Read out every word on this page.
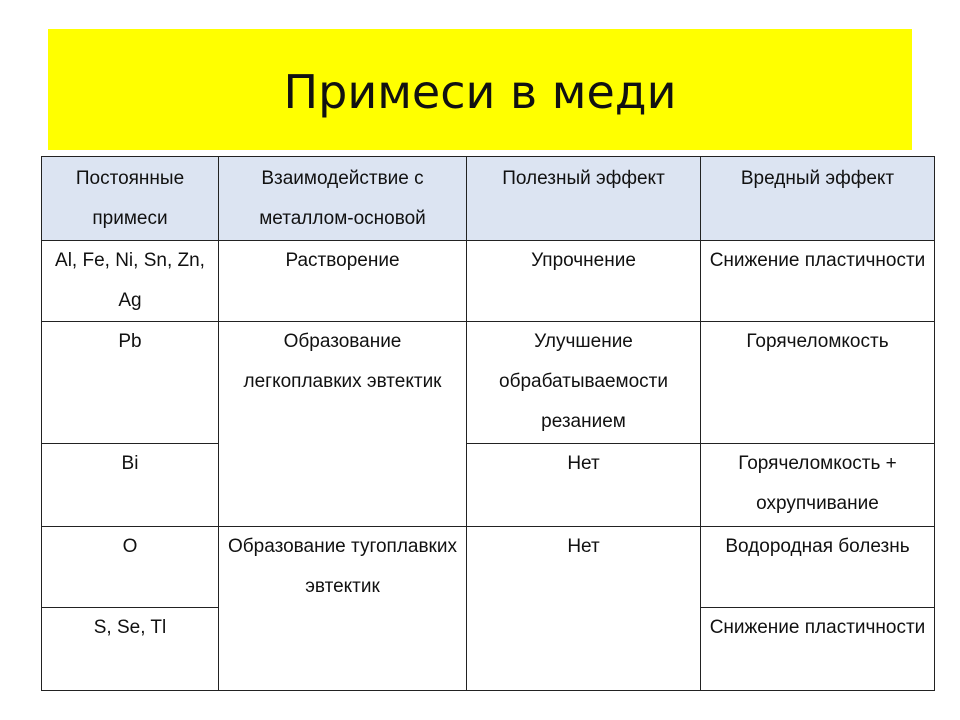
Примеси в меди
Постоянные примеси	Взаимодействие с металлом-основой	Полезный эффект	Вредный эффект
Al, Fe, Ni, Sn, Zn, Ag	Растворение	Упрочнение	Снижение пластичности
Pb	Образование легкоплавких эвтектик	Улучшение обрабатываемости резанием	Горячеломкость
Bi		Нет	Горячеломкость + охрупчивание
O	Образование тугоплавких эвтектик	Нет	Водородная болезнь
S, Se, Tl			Снижение пластичности
